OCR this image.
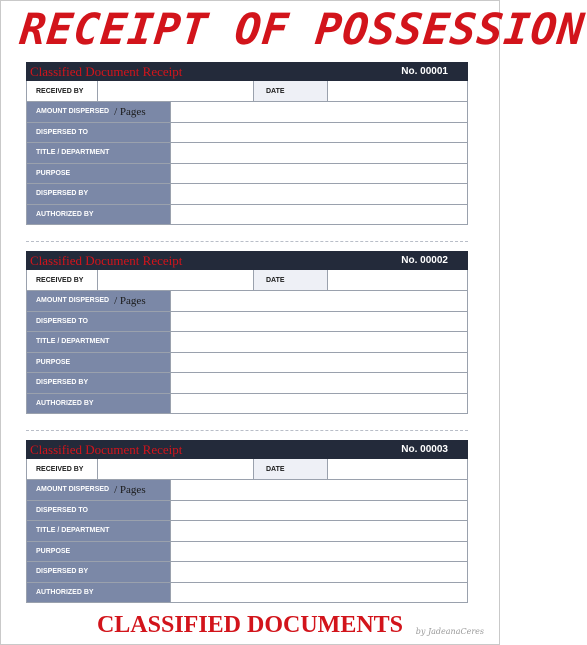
RECEIPT OF POSSESSION
Classified Document Receipt	No. 00001
RECEIVED BY	DATE
AMOUNT DISPERSED / Pages
DISPERSED TO
TITLE / DEPARTMENT
PURPOSE
DISPERSED BY
AUTHORIZED BY
Classified Document Receipt	No. 00002
RECEIVED BY	DATE
AMOUNT DISPERSED / Pages
DISPERSED TO
TITLE / DEPARTMENT
PURPOSE
DISPERSED BY
AUTHORIZED BY
Classified Document Receipt	No. 00003
RECEIVED BY	DATE
AMOUNT DISPERSED / Pages
DISPERSED TO
TITLE / DEPARTMENT
PURPOSE
DISPERSED BY
AUTHORIZED BY
CLASSIFIED DOCUMENTS	by JadeanaCeres
